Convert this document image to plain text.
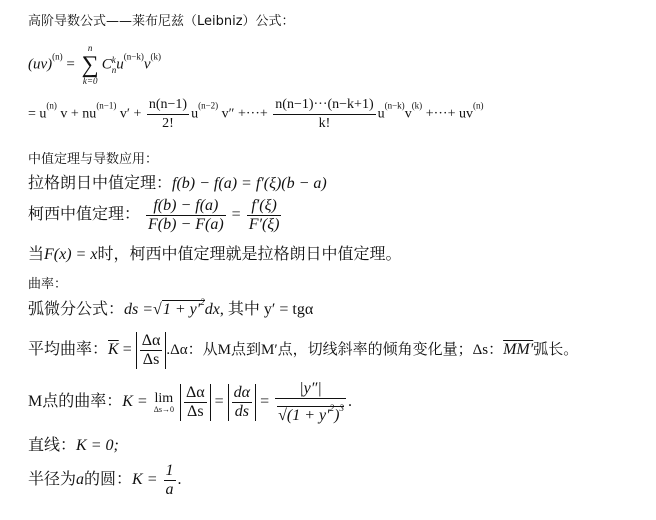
高阶导数公式——莱布尼兹（Leibniz）公式：
(uv)$^{(n)}$ =
n
∑
k=0
C k
n $u^{(n-k)}v^{(k)}$
= $u^{(n)}$ $v + nu^{(n-1)}$ $v' + \frac{n(n-1)}{2!} u^{(n-2)}$ v″ +···+ $\frac{n(n-1)\cdot\cdot\cdot(n-k+1)}{k!} u^{(n-k)}v^{(k)}$ +···+ $uv^{(n)}$
中值定理与导数应用：
拉格朗日中值定理：f(b) − f(a) = f′(ξ)(b − a)
柯西中值定理： $\frac{f(b) - f(a)}{F(b) - F(a)} = \frac{f'(\xi)}{F'(\xi)}$
当F(x) = x时，柯西中值定理就是拉格朗日中值定理。
曲率：
弧微分公式：ds $=√1 + y'^2dx$, 其中 y′ = tgα
平均曲率：$\overline{K} = \frac{\Delta\alpha}{\Delta s} .\Delta\alpha$：从M点到M′点，切线斜率的倾角变化量；Δs：MM′弧长。
M点的曲率：K = lim
Δs→0
$\frac{\Delta\alpha}{\Delta s} = \frac{d\alpha}{ds} = \frac{|y''|}{√(1 + y'^2)^3}$ .
直线：K = 0;
半径为a的圆：$K = \frac{1}{a}$ .
